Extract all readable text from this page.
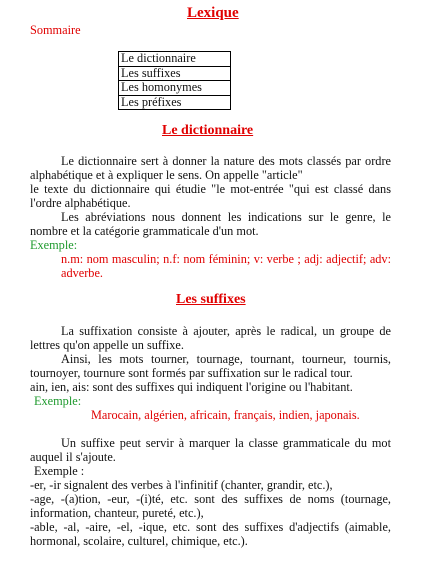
Lexique
Sommaire
Le dictionnaire
Les suffixes
Les homonymes
Les préfixes
Le dictionnaire
Le dictionnaire sert à donner la nature des mots classés par ordre
alphabétique et à expliquer le sens. On appelle "article"
le texte du dictionnaire qui étudie "le mot-entrée "qui est classé dans
l'ordre alphabétique.
Les abréviations nous donnent les indications sur le genre, le
nombre et la catégorie grammaticale d'un mot.
Exemple:
n.m: nom masculin; n.f: nom féminin; v: verbe ; adj: adjectif; adv:
adverbe.
Les suffixes
La suffixation consiste à ajouter, après le radical, un groupe de
lettres qu'on appelle un suffixe.
Ainsi, les mots tourner, tournage, tournant, tourneur, tournis,
tournoyer, tournure sont formés par suffixation sur le radical tour.
ain, ien, ais: sont des suffixes qui indiquent l'origine ou l'habitant.
Exemple:
Marocain, algérien, africain, français, indien, japonais.
Un suffixe peut servir à marquer la classe grammaticale du mot
auquel il s'ajoute.
Exemple :
-er, -ir signalent des verbes à l'infinitif (chanter, grandir, etc.),
-age, -(a)tion, -eur, -(i)té, etc. sont des suffixes de noms (tournage,
information, chanteur, pureté, etc.),
-able, -al, -aire, -el, -ique, etc. sont des suffixes d'adjectifs (aimable,
hormonal, scolaire, culturel, chimique, etc.).
